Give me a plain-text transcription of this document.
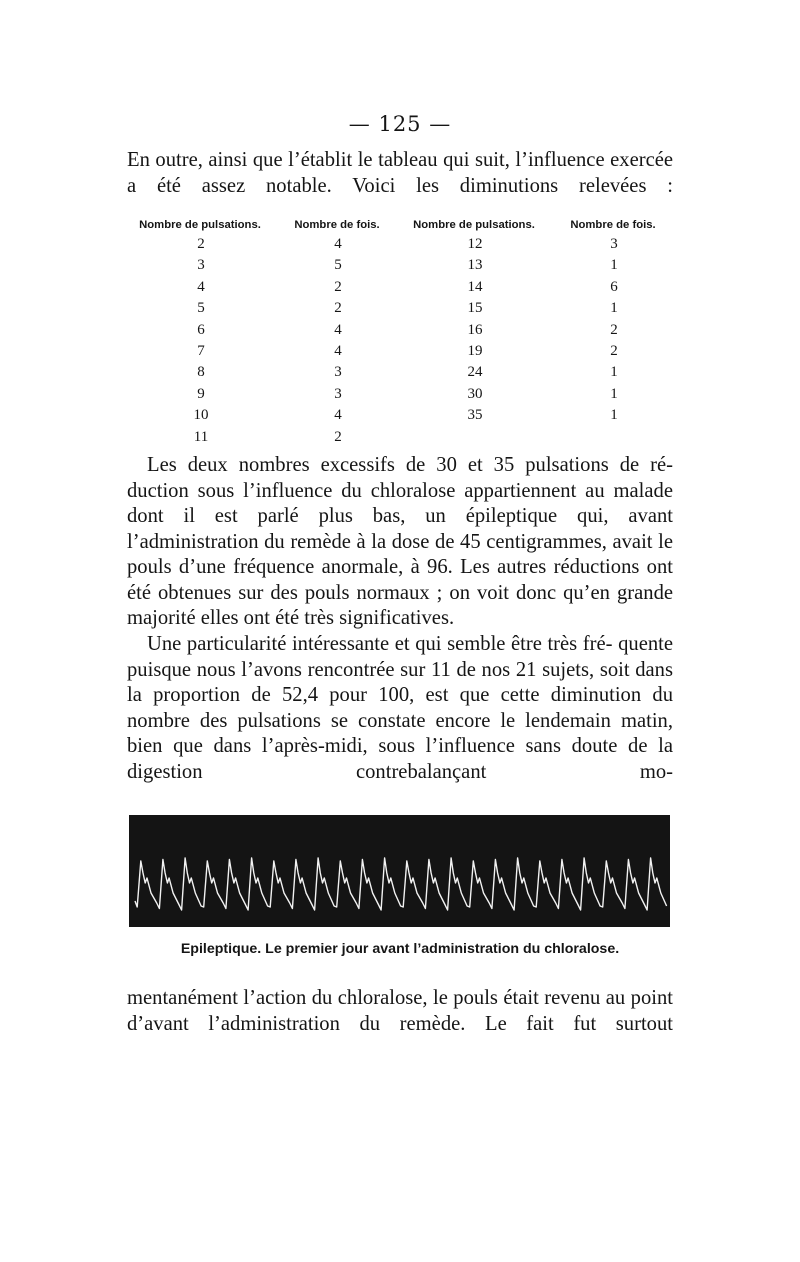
— 125 —

En outre, ainsi que l’établit le tableau qui suit, l’influence exercée a été assez notable. Voici les diminutions relevées :

Nombre de pulsations.	Nombre de fois.	Nombre de pulsations.	Nombre de fois.
2	4	12	3
3	5	13	1
4	2	14	6
5	2	15	1
6	4	16	2
7	4	19	2
8	3	24	1
9	3	30	1
10	4	35	1
11	2

Les deux nombres excessifs de 30 et 35 pulsations de ré- duction sous l’influence du chloralose appartiennent au malade dont il est parlé plus bas, un épileptique qui, avant l’administration du remède à la dose de 45 centigrammes, avait le pouls d’une fréquence anormale, à 96. Les autres réductions ont été obtenues sur des pouls normaux ; on voit donc qu’en grande majorité elles ont été très significatives.

Une particularité intéressante et qui semble être très fré- quente puisque nous l’avons rencontrée sur 11 de nos 21 sujets, soit dans la proportion de 52,4 pour 100, est que cette diminution du nombre des pulsations se constate encore le lendemain matin, bien que dans l’après-midi, sous l’influence sans doute de la digestion contrebalançant mo-

Epileptique. Le premier jour avant l’administration du chloralose.

mentanément l’action du chloralose, le pouls était revenu au point d’avant l’administration du remède. Le fait fut surtout
